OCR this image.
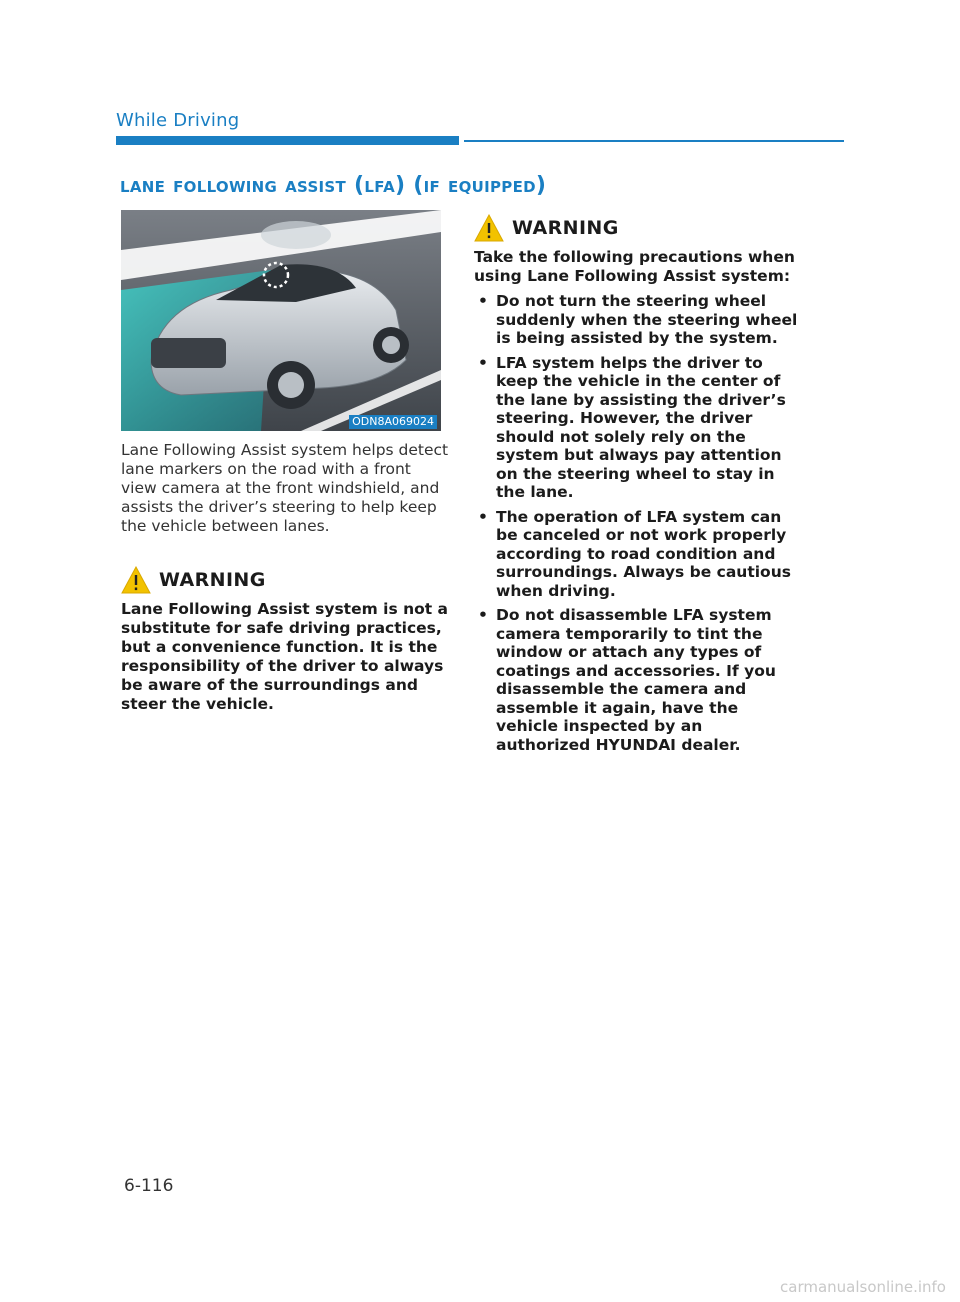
While Driving
lane following assist (lfa) (if equipped)
ODN8A069024

Lane Following Assist system helps detect lane markers on the road with a front view camera at the front windshield, and assists the driver’s steering to help keep the vehicle between lanes.

WARNING

Lane Following Assist system is not a substitute for safe driving practices, but a convenience function. It is the responsibility of the driver to always be aware of the surroundings and steer the vehicle.

WARNING

Take the following precautions when using Lane Following Assist system:

• Do not turn the steering wheel suddenly when the steering wheel is being assisted by the system.
• LFA system helps the driver to keep the vehicle in the center of the lane by assisting the driver’s steering. However, the driver should not solely rely on the system but always pay attention on the steering wheel to stay in the lane.
• The operation of LFA system can be canceled or not work properly according to road condition and surroundings. Always be cautious when driving.
• Do not disassemble LFA system camera temporarily to tint the window or attach any types of coatings and accessories. If you disassemble the camera and assemble it again, have the vehicle inspected by an authorized HYUNDAI dealer.
6-116
carmanualsonline.info
